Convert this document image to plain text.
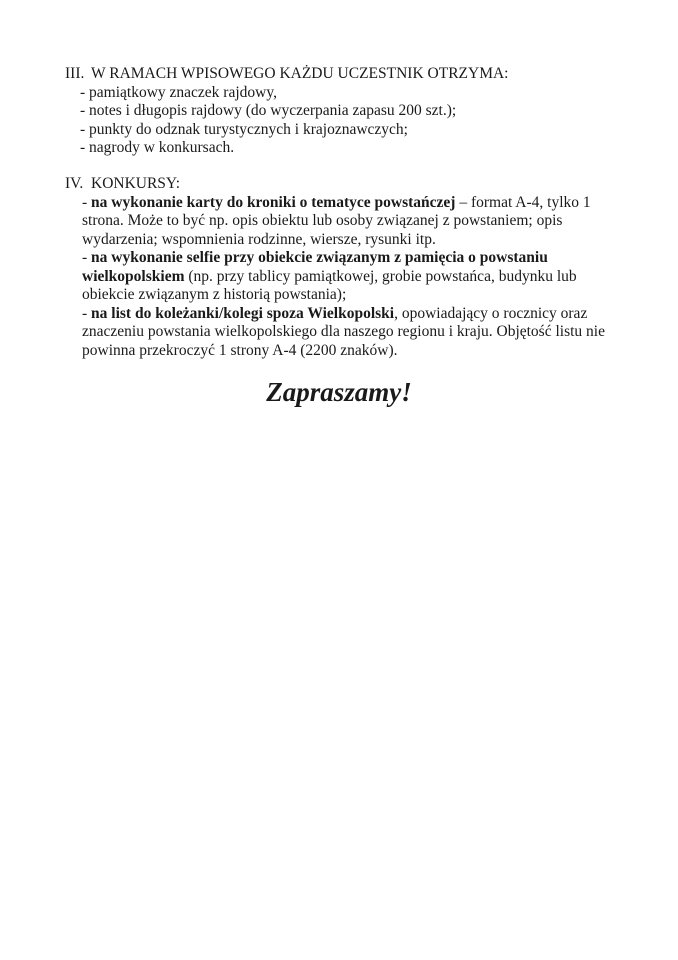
III. W RAMACH WPISOWEGO KAŻDU UCZESTNIK OTRZYMA:
- pamiątkowy znaczek rajdowy,
- notes i długopis rajdowy (do wyczerpania zapasu 200 szt.);
- punkty do odznak turystycznych i krajoznawczych;
- nagrody w konkursach.
IV. KONKURSY:
- na wykonanie karty do kroniki o tematyce powstańczej – format A-4, tylko 1 strona. Może to być np. opis obiektu lub osoby związanej z powstaniem; opis wydarzenia; wspomnienia rodzinne, wiersze, rysunki itp.
- na wykonanie selfie przy obiekcie związanym z pamięcia o powstaniu wielkopolskiem (np. przy tablicy pamiątkowej, grobie powstańca, budynku lub obiekcie związanym z historią powstania);
- na list do koleżanki/kolegi spoza Wielkopolski, opowiadający o rocznicy oraz znaczeniu powstania wielkopolskiego dla naszego regionu i kraju. Objętość listu nie powinna przekroczyć 1 strony A-4 (2200 znaków).
Zapraszamy!
